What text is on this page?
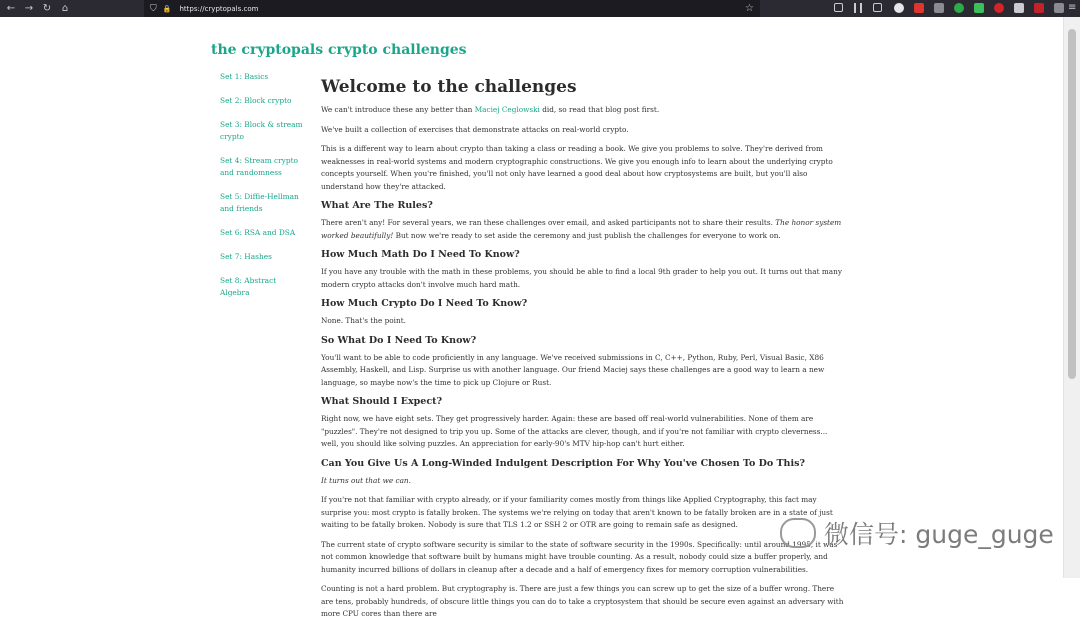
← → ↻	⌂	⛉ 🔒 https://cryptopals.com	☆	≡
the cryptopals crypto challenges
Set 1: Basics
Set 2: Block crypto
Set 3: Block & stream crypto
Set 4: Stream crypto and randomness
Set 5: Diffie-Hellman and friends
Set 6: RSA and DSA
Set 7: Hashes
Set 8: Abstract Algebra
Welcome to the challenges

We can't introduce these any better than Maciej Ceglowski did, so read that blog post first.

We've built a collection of exercises that demonstrate attacks on real-world crypto.

This is a different way to learn about crypto than taking a class or reading a book. We give you problems to solve. They're derived from weaknesses in real-world systems and modern cryptographic constructions. We give you enough info to learn about the underlying crypto concepts yourself. When you're finished, you'll not only have learned a good deal about how cryptosystems are built, but you'll also understand how they're attacked.

What Are The Rules?

There aren't any! For several years, we ran these challenges over email, and asked participants not to share their results. The honor system worked beautifully! But now we're ready to set aside the ceremony and just publish the challenges for everyone to work on.

How Much Math Do I Need To Know?

If you have any trouble with the math in these problems, you should be able to find a local 9th grader to help you out. It turns out that many modern crypto attacks don't involve much hard math.

How Much Crypto Do I Need To Know?

None. That's the point.

So What Do I Need To Know?

You'll want to be able to code proficiently in any language. We've received submissions in C, C++, Python, Ruby, Perl, Visual Basic, X86 Assembly, Haskell, and Lisp. Surprise us with another language. Our friend Maciej says these challenges are a good way to learn a new language, so maybe now's the time to pick up Clojure or Rust.

What Should I Expect?

Right now, we have eight sets. They get progressively harder. Again: these are based off real-world vulnerabilities. None of them are "puzzles". They're not designed to trip you up. Some of the attacks are clever, though, and if you're not familiar with crypto cleverness... well, you should like solving puzzles. An appreciation for early-90's MTV hip-hop can't hurt either.

Can You Give Us A Long-Winded Indulgent Description For Why You've Chosen To Do This?

It turns out that we can.

If you're not that familiar with crypto already, or if your familiarity comes mostly from things like Applied Cryptography, this fact may surprise you: most crypto is fatally broken. The systems we're relying on today that aren't known to be fatally broken are in a state of just waiting to be fatally broken. Nobody is sure that TLS 1.2 or SSH 2 or OTR are going to remain safe as designed.

The current state of crypto software security is similar to the state of software security in the 1990s. Specifically: until around 1995, it was not common knowledge that software built by humans might have trouble counting. As a result, nobody could size a buffer properly, and humanity incurred billions of dollars in cleanup after a decade and a half of emergency fixes for memory corruption vulnerabilities.

Counting is not a hard problem. But cryptography is. There are just a few things you can screw up to get the size of a buffer wrong. There are tens, probably hundreds, of obscure little things you can do to take a cryptosystem that should be secure even against an adversary with more CPU cores than there are

微信号: guge_guge
